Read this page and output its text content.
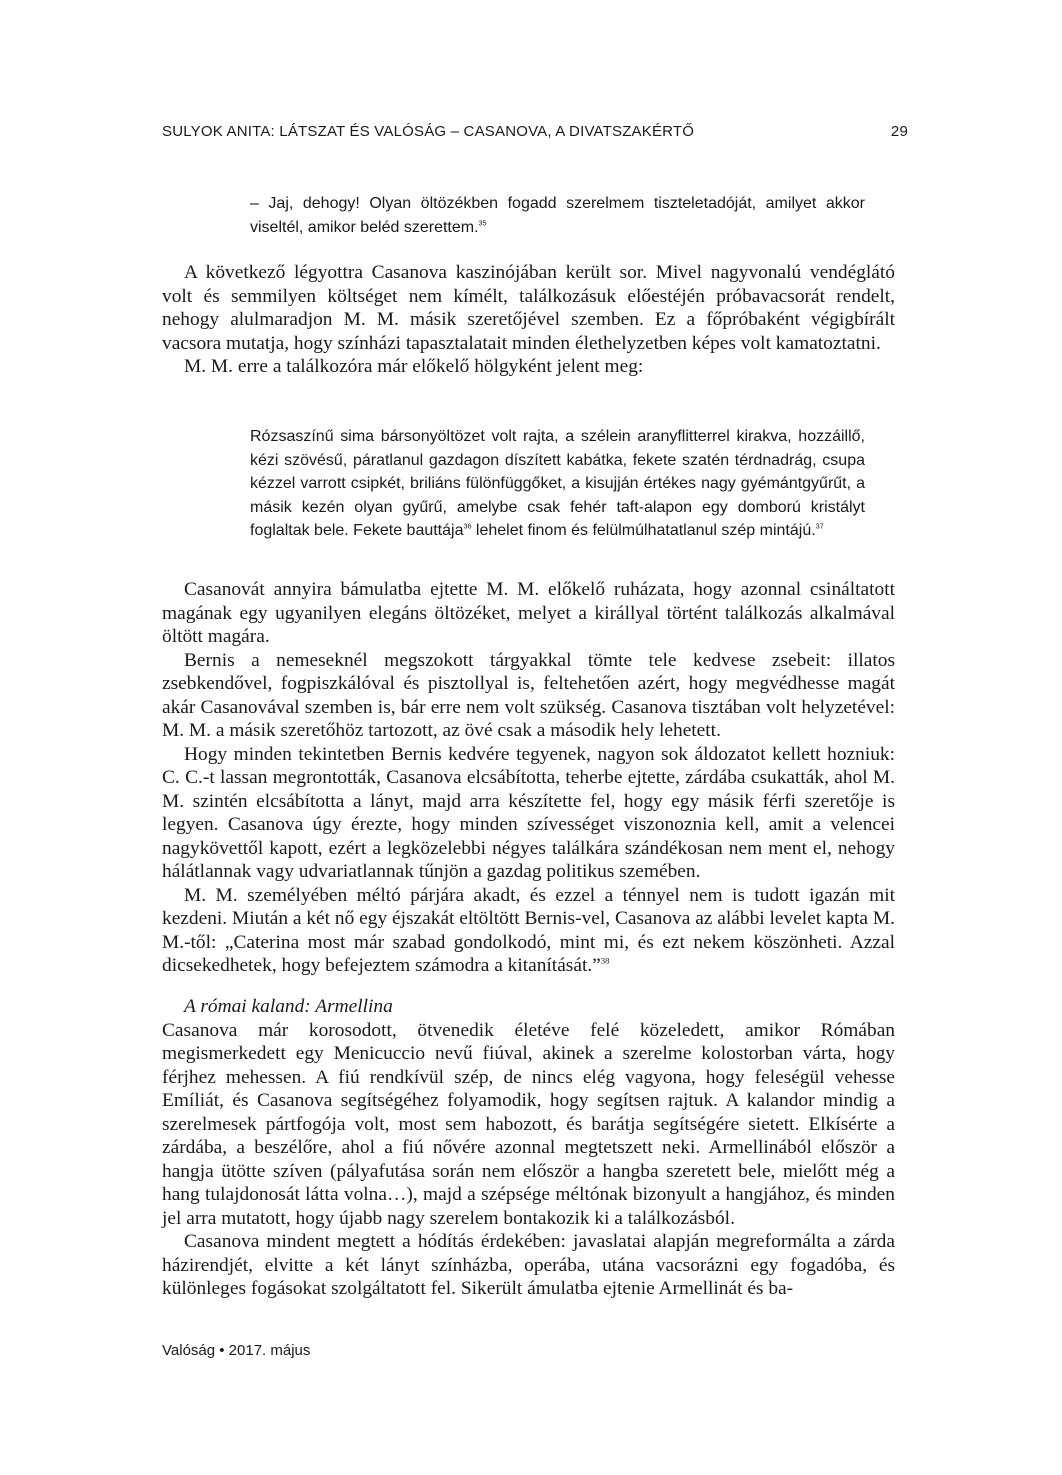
SULYOK ANITA: LÁTSZAT ÉS VALÓSÁG – CASANOVA, A DIVATSZAKÉRTŐ	29
– Jaj, dehogy! Olyan öltözékben fogadd szerelmem tiszteletadóját, amilyet akkor viseltél, amikor beléd szerettem.$^{35}$

A következő légyottra Casanova kaszinójában került sor. Mivel nagyvonalú vendéglátó volt és semmilyen költséget nem kímélt, találkozásuk előestéjén próbavacsorát rendelt, nehogy alulmaradjon M. M. másik szeretőjével szemben. Ez a főpróbaként végigbírált vacsora mutatja, hogy színházi tapasztalatait minden élethelyzetben képes volt kamatoztatni.

M. M. erre a találkozóra már előkelő hölgyként jelent meg:

Rózsaszínű sima bársonyöltözet volt rajta, a szélein aranyflitterrel kirakva, hozzáillő, kézi szövésű, páratlanul gazdagon díszített kabátka, fekete szatén térdnadrág, csupa kézzel varrott csipkét, briliáns fülönfüggőket, a kisujján értékes nagy gyémántgyűrűt, a másik kezén olyan gyűrű, amelybe csak fehér taft-alapon egy domború kristályt foglaltak bele. Fekete bauttája$^{36}$ lehelet finom és felülmúlhatatlanul szép mintájú.$^{37}$

Casanovát annyira bámulatba ejtette M. M. előkelő ruházata, hogy azonnal csináltatott magának egy ugyanilyen elegáns öltözéket, melyet a királlyal történt találkozás alkalmával öltött magára.

Bernis a nemeseknél megszokott tárgyakkal tömte tele kedvese zsebeit: illatos zsebkendővel, fogpiszkálóval és pisztollyal is, feltehetően azért, hogy megvédhesse magát akár Casanovával szemben is, bár erre nem volt szükség. Casanova tisztában volt helyzetével: M. M. a másik szeretőhöz tartozott, az övé csak a második hely lehetett.

Hogy minden tekintetben Bernis kedvére tegyenek, nagyon sok áldozatot kellett hozniuk: C. C.-t lassan megrontották, Casanova elcsábította, teherbe ejtette, zárdába csukatták, ahol M. M. szintén elcsábította a lányt, majd arra készítette fel, hogy egy másik férfi szeretője is legyen. Casanova úgy érezte, hogy minden szívességet viszonoznia kell, amit a velencei nagykövettől kapott, ezért a legközelebbi négyes találkára szándékosan nem ment el, nehogy hálátlannak vagy udvariatlannak tűnjön a gazdag politikus szemében.

M. M. személyében méltó párjára akadt, és ezzel a ténnyel nem is tudott igazán mit kezdeni. Miután a két nő egy éjszakát eltöltött Bernis-vel, Casanova az alábbi levelet kapta M. M.-től: „Caterina most már szabad gondolkodó, mint mi, és ezt nekem köszönheti. Azzal dicsekedhetek, hogy befejeztem számodra a kitanítását.”$^{38}$

A római kaland: Armellina

Casanova már korosodott, ötvenedik életéve felé közeledett, amikor Rómában megismerkedett egy Menicuccio nevű fiúval, akinek a szerelme kolostorban várta, hogy férjhez mehessen. A fiú rendkívül szép, de nincs elég vagyona, hogy feleségül vehesse Emíliát, és Casanova segítségéhez folyamodik, hogy segítsen rajtuk. A kalandor mindig a szerelmesek pártfogója volt, most sem habozott, és barátja segítségére sietett. Elkísérte a zárdába, a beszélőre, ahol a fiú nővére azonnal megtetszett neki. Armellinából először a hangja ütötte szíven (pályafutása során nem először a hangba szeretett bele, mielőtt még a hang tulajdonosát látta volna…), majd a szépsége méltónak bizonyult a hangjához, és minden jel arra mutatott, hogy újabb nagy szerelem bontakozik ki a találkozásból.

Casanova mindent megtett a hódítás érdekében: javaslatai alapján megreformálta a zárda házirendjét, elvitte a két lányt színházba, operába, utána vacsorázni egy fogadóba, és különleges fogásokat szolgáltatott fel. Sikerült ámulatba ejtenie Armellinát és ba-

Valóság • 2017. május
